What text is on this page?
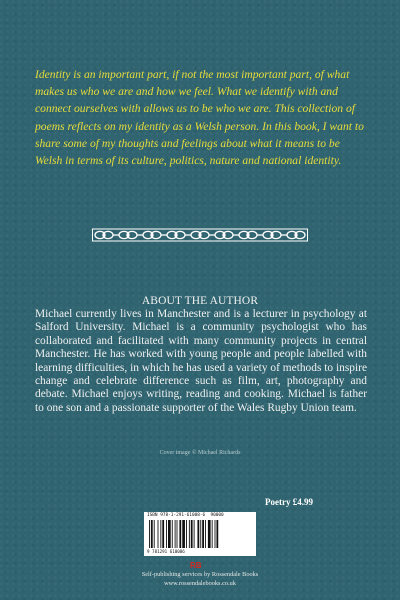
Identity is an important part, if not the most important part, of what makes us who we are and how we feel. What we identify with and connect ourselves with allows us to be who we are. This collection of poems reflects on my identity as a Welsh person. In this book, I want to share some of my thoughts and feelings about what it means to be Welsh in terms of its culture, politics, nature and national identity.

ABOUT THE AUTHOR

Michael currently lives in Manchester and is a lecturer in psychology at Salford University. Michael is a community psychologist who has collaborated and facilitated with many community projects in central Manchester. He has worked with young people and people labelled with learning difficulties, in which he has used a variety of methods to inspire change and celebrate difference such as film, art, photography and debate. Michael enjoys writing, reading and cooking. Michael is father to one son and a passionate supporter of the Wales Rugby Union team.

Cover image © Michael Richards

Poetry £4.99

ISBN 978-1-291-61008-6 90000

9 781291 610086

RB

Self-publishing services by Rossendale Books

www.rossendalebooks.co.uk
